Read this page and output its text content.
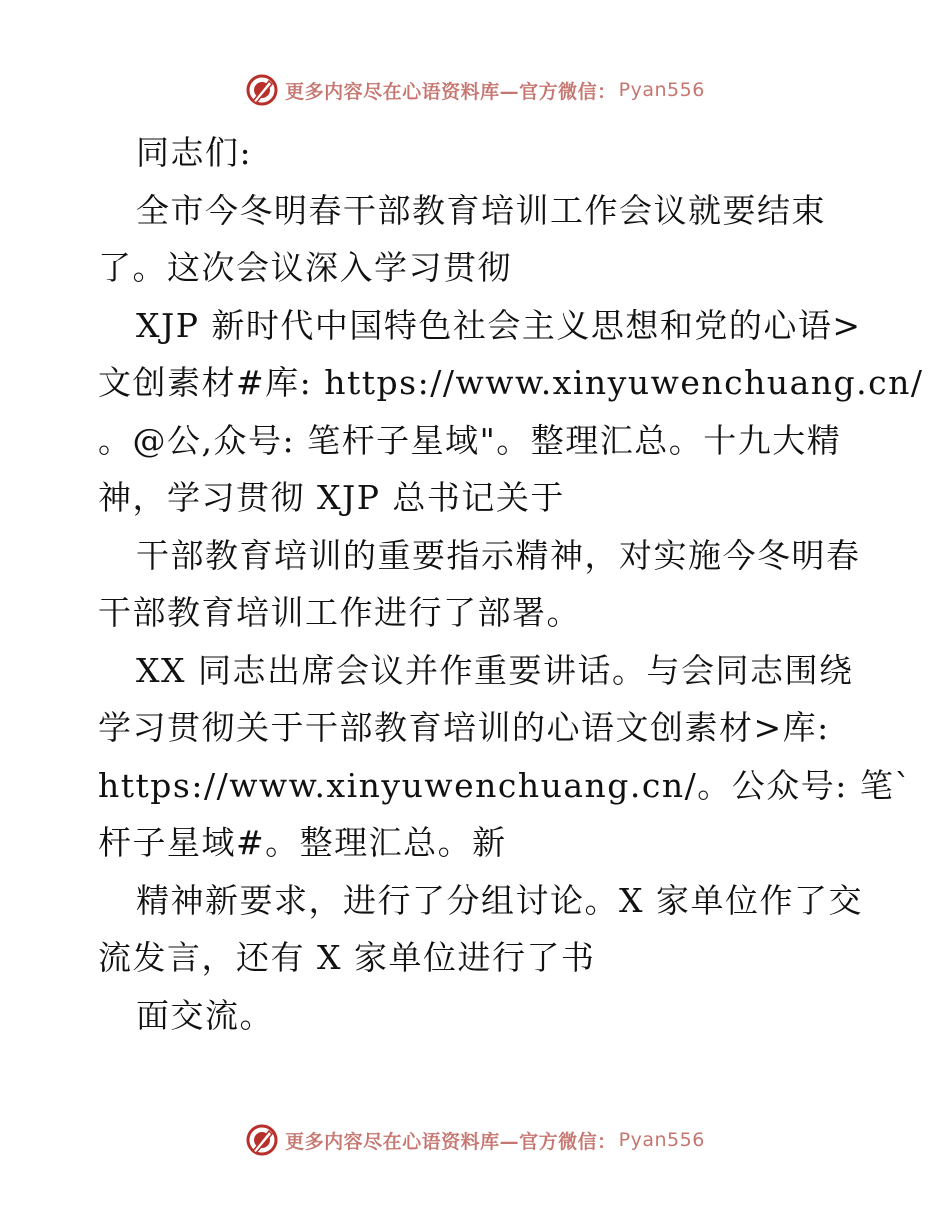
更多内容尽在心语资料库—官方微信： Pyan556
同志们:
全市今冬明春干部教育培训工作会议就要结束
了。这次会议深入学习贯彻
XJP 新时代中国特色社会主义思想和党的心语>
文创素材#库: https://www.xinyuwenchuang.cn/
。@公,众号: 笔杆子星域"。整理汇总。十九大精
神，学习贯彻 XJP 总书记关于
干部教育培训的重要指示精神，对实施今冬明春
干部教育培训工作进行了部署。
XX 同志出席会议并作重要讲话。与会同志围绕
学习贯彻关于干部教育培训的心语文创素材>库:
https://www.xinyuwenchuang.cn/。公众号: 笔`
杆子星域#。整理汇总。新
精神新要求，进行了分组讨论。X 家单位作了交
流发言，还有 X 家单位进行了书
面交流。
更多内容尽在心语资料库—官方微信： Pyan556
